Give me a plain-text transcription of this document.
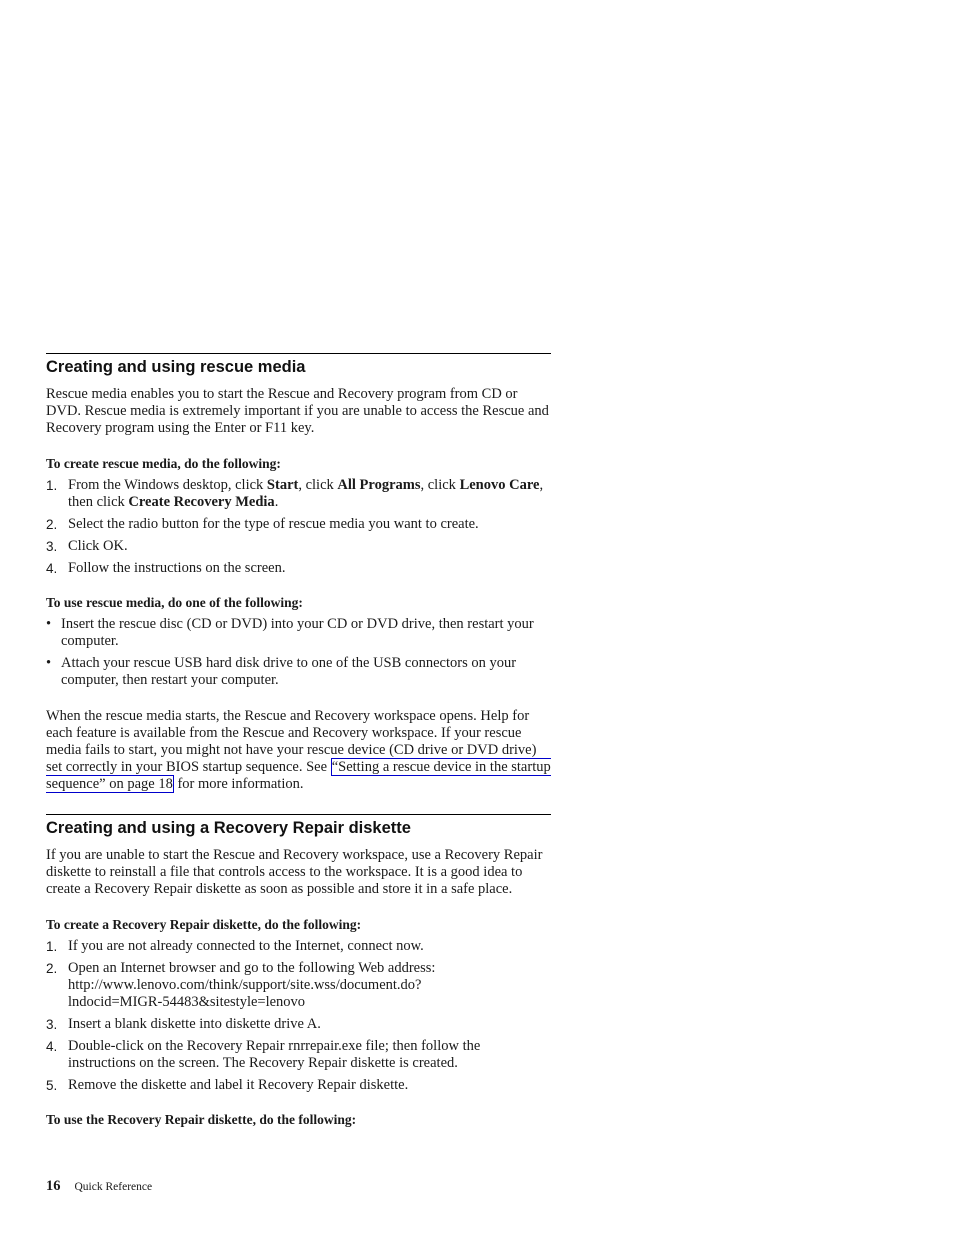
Creating and using rescue media

Rescue media enables you to start the Rescue and Recovery program from CD or DVD. Rescue media is extremely important if you are unable to access the Rescue and Recovery program using the Enter or F11 key.

To create rescue media, do the following:
1. From the Windows desktop, click Start, click All Programs, click Lenovo Care, then click Create Recovery Media.
2. Select the radio button for the type of rescue media you want to create.
3. Click OK.
4. Follow the instructions on the screen.
To use rescue media, do one of the following:
• Insert the rescue disc (CD or DVD) into your CD or DVD drive, then restart your computer.
• Attach your rescue USB hard disk drive to one of the USB connectors on your computer, then restart your computer.

When the rescue media starts, the Rescue and Recovery workspace opens. Help for each feature is available from the Rescue and Recovery workspace. If your rescue media fails to start, you might not have your rescue device (CD drive or DVD drive) set correctly in your BIOS startup sequence. See “Setting a rescue device in the startup sequence” on page 18 for more information.

Creating and using a Recovery Repair diskette

If you are unable to start the Rescue and Recovery workspace, use a Recovery Repair diskette to reinstall a file that controls access to the workspace. It is a good idea to create a Recovery Repair diskette as soon as possible and store it in a safe place.

To create a Recovery Repair diskette, do the following:
1. If you are not already connected to the Internet, connect now.
2. Open an Internet browser and go to the following Web address:
http://www.lenovo.com/think/support/site.wss/document.do?
lndocid=MIGR-54483&sitestyle=lenovo
3. Insert a blank diskette into diskette drive A.
4. Double-click on the Recovery Repair rnrrepair.exe file; then follow the instructions on the screen. The Recovery Repair diskette is created.
5. Remove the diskette and label it Recovery Repair diskette.
To use the Recovery Repair diskette, do the following:
16 Quick Reference
